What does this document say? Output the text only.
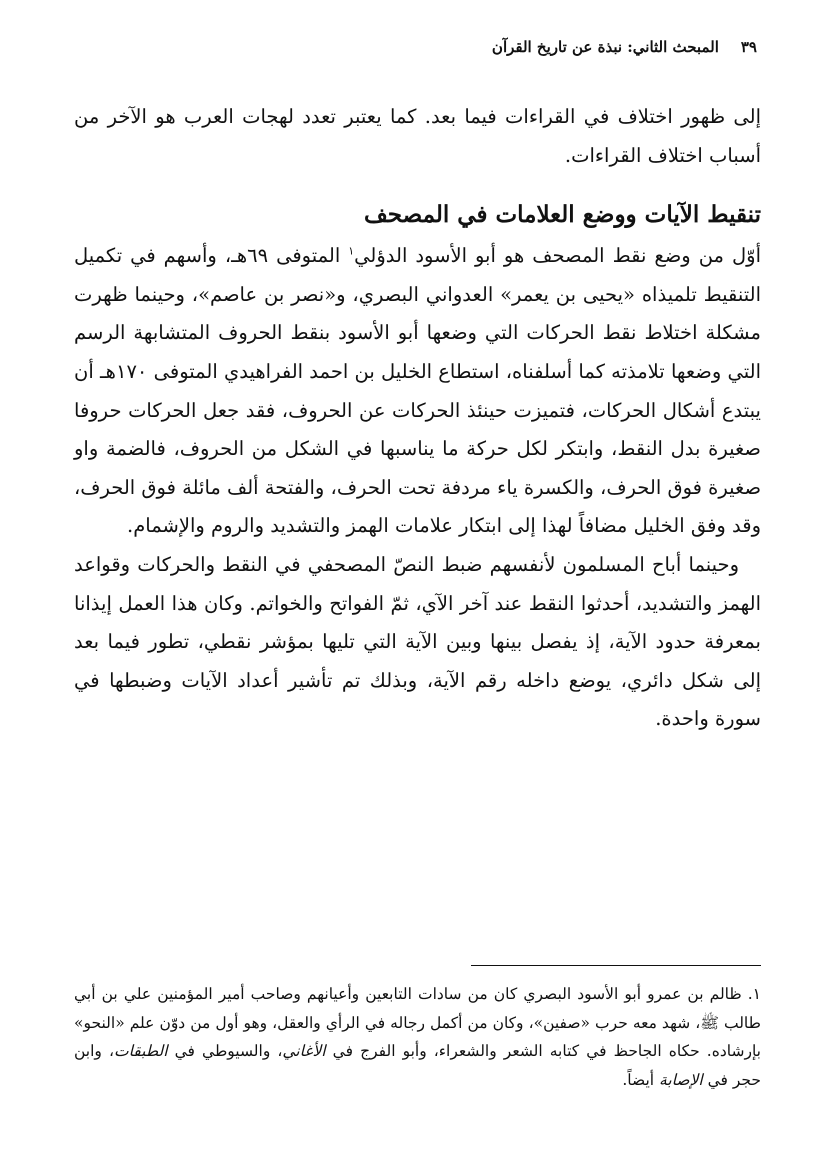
٣٩المبحث الثاني: نبذة عن تاريخ القرآن

إلى ظهور اختلاف في القراءات فيما بعد. كما يعتبر تعدد لهجات العرب هو الآخر من أسباب اختلاف القراءات.

تنقيط الآيات ووضع العلامات في المصحف

أوّل من وضع نقط المصحف هو أبو الأسود الدؤلي$^١$ المتوفى ٦٩هـ، وأسهم في تكميل التنقيط تلميذاه «يحيى بن يعمر» العدواني البصري، و«نصر بن عاصم»، وحينما ظهرت مشكلة اختلاط نقط الحركات التي وضعها أبو الأسود بنقط الحروف المتشابهة الرسم التي وضعها تلامذته كما أسلفناه، استطاع الخليل بن احمد الفراهيدي المتوفى ١٧٠هـ أن يبتدع أشكال الحركات، فتميزت حينئذ الحركات عن الحروف، فقد جعل الحركات حروفا صغيرة بدل النقط، وابتكر لكل حركة ما يناسبها في الشكل من الحروف، فالضمة واو صغيرة فوق الحرف، والكسرة ياء مردفة تحت الحرف، والفتحة ألف مائلة فوق الحرف، وقد وفق الخليل مضافاً لهذا إلى ابتكار علامات الهمز والتشديد والروم والإشمام.

وحينما أباح المسلمون لأنفسهم ضبط النصّ المصحفي في النقط والحركات وقواعد الهمز والتشديد، أحدثوا النقط عند آخر الآي، ثمّ الفواتح والخواتم. وكان هذا العمل إيذانا بمعرفة حدود الآية، إذ يفصل بينها وبين الآية التي تليها بمؤشر نقطي، تطور فيما بعد إلى شكل دائري، يوضع داخله رقم الآية، وبذلك تم تأشير أعداد الآيات وضبطها في سورة واحدة.

١.ظالم بن عمرو أبو الأسود البصري كان من سادات التابعين وأعيانهم وصاحب أمير المؤمنين علي بن أبي طالب ﷺ، شهد معه حرب «صفين»، وكان من أكمل رجاله في الرأي والعقل، وهو أول من دوّن علم «النحو» بإرشاده. حكاه الجاحظ في كتابه الشعر والشعراء، وأبو الفرج في الأغاني، والسيوطي في الطبقات، وابن حجر في الإصابة أيضاً.
